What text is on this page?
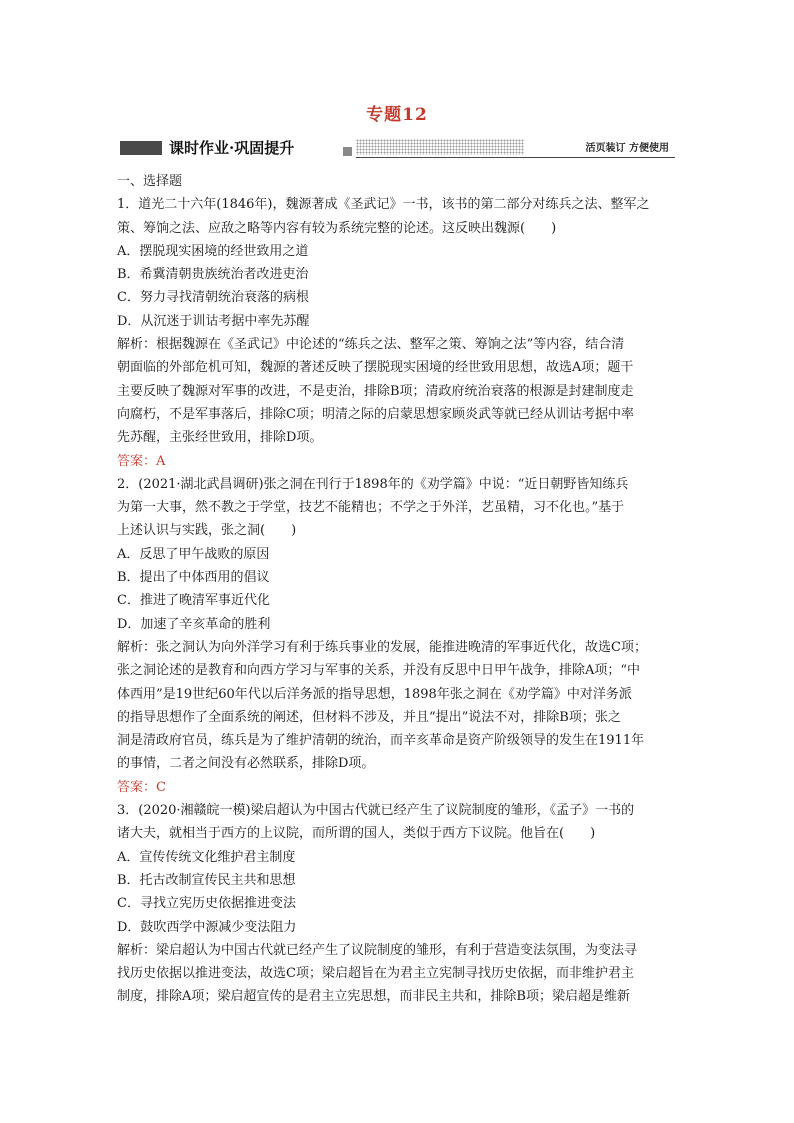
专题12
课时作业·巩固提升	活页装订 方便使用
一、选择题
1．道光二十六年(1846年)，魏源著成《圣武记》一书，该书的第二部分对练兵之法、整军之
策、筹饷之法、应敌之略等内容有较为系统完整的论述。这反映出魏源(　　)
A．摆脱现实困境的经世致用之道
B．希冀清朝贵族统治者改进吏治
C．努力寻找清朝统治衰落的病根
D．从沉迷于训诂考据中率先苏醒
解析：根据魏源在《圣武记》中论述的“练兵之法、整军之策、筹饷之法”等内容，结合清
朝面临的外部危机可知，魏源的著述反映了摆脱现实困境的经世致用思想，故选A项；题干
主要反映了魏源对军事的改进，不是吏治，排除B项；清政府统治衰落的根源是封建制度走
向腐朽，不是军事落后，排除C项；明清之际的启蒙思想家顾炎武等就已经从训诂考据中率
先苏醒，主张经世致用，排除D项。
答案：A
2．(2021·湖北武昌调研)张之洞在刊行于1898年的《劝学篇》中说：“近日朝野皆知练兵
为第一大事，然不教之于学堂，技艺不能精也；不学之于外洋，艺虽精，习不化也。”基于
上述认识与实践，张之洞(　　)
A．反思了甲午战败的原因
B．提出了中体西用的倡议
C．推进了晚清军事近代化
D．加速了辛亥革命的胜利
解析：张之洞认为向外洋学习有利于练兵事业的发展，能推进晚清的军事近代化，故选C项；
张之洞论述的是教育和向西方学习与军事的关系，并没有反思中日甲午战争，排除A项；“中
体西用”是19世纪60年代以后洋务派的指导思想，1898年张之洞在《劝学篇》中对洋务派
的指导思想作了全面系统的阐述，但材料不涉及，并且“提出”说法不对，排除B项；张之
洞是清政府官员，练兵是为了维护清朝的统治，而辛亥革命是资产阶级领导的发生在1911年
的事情，二者之间没有必然联系，排除D项。
答案：C
3．(2020·湘赣皖一模)梁启超认为中国古代就已经产生了议院制度的雏形，《孟子》一书的
诸大夫，就相当于西方的上议院，而所谓的国人，类似于西方下议院。他旨在(　　)
A．宣传传统文化维护君主制度
B．托古改制宣传民主共和思想
C．寻找立宪历史依据推进变法
D．鼓吹西学中源减少变法阻力
解析：梁启超认为中国古代就已经产生了议院制度的雏形，有利于营造变法氛围，为变法寻
找历史依据以推进变法，故选C项；梁启超旨在为君主立宪制寻找历史依据，而非维护君主
制度，排除A项；梁启超宣传的是君主立宪思想，而非民主共和，排除B项；梁启超是维新
